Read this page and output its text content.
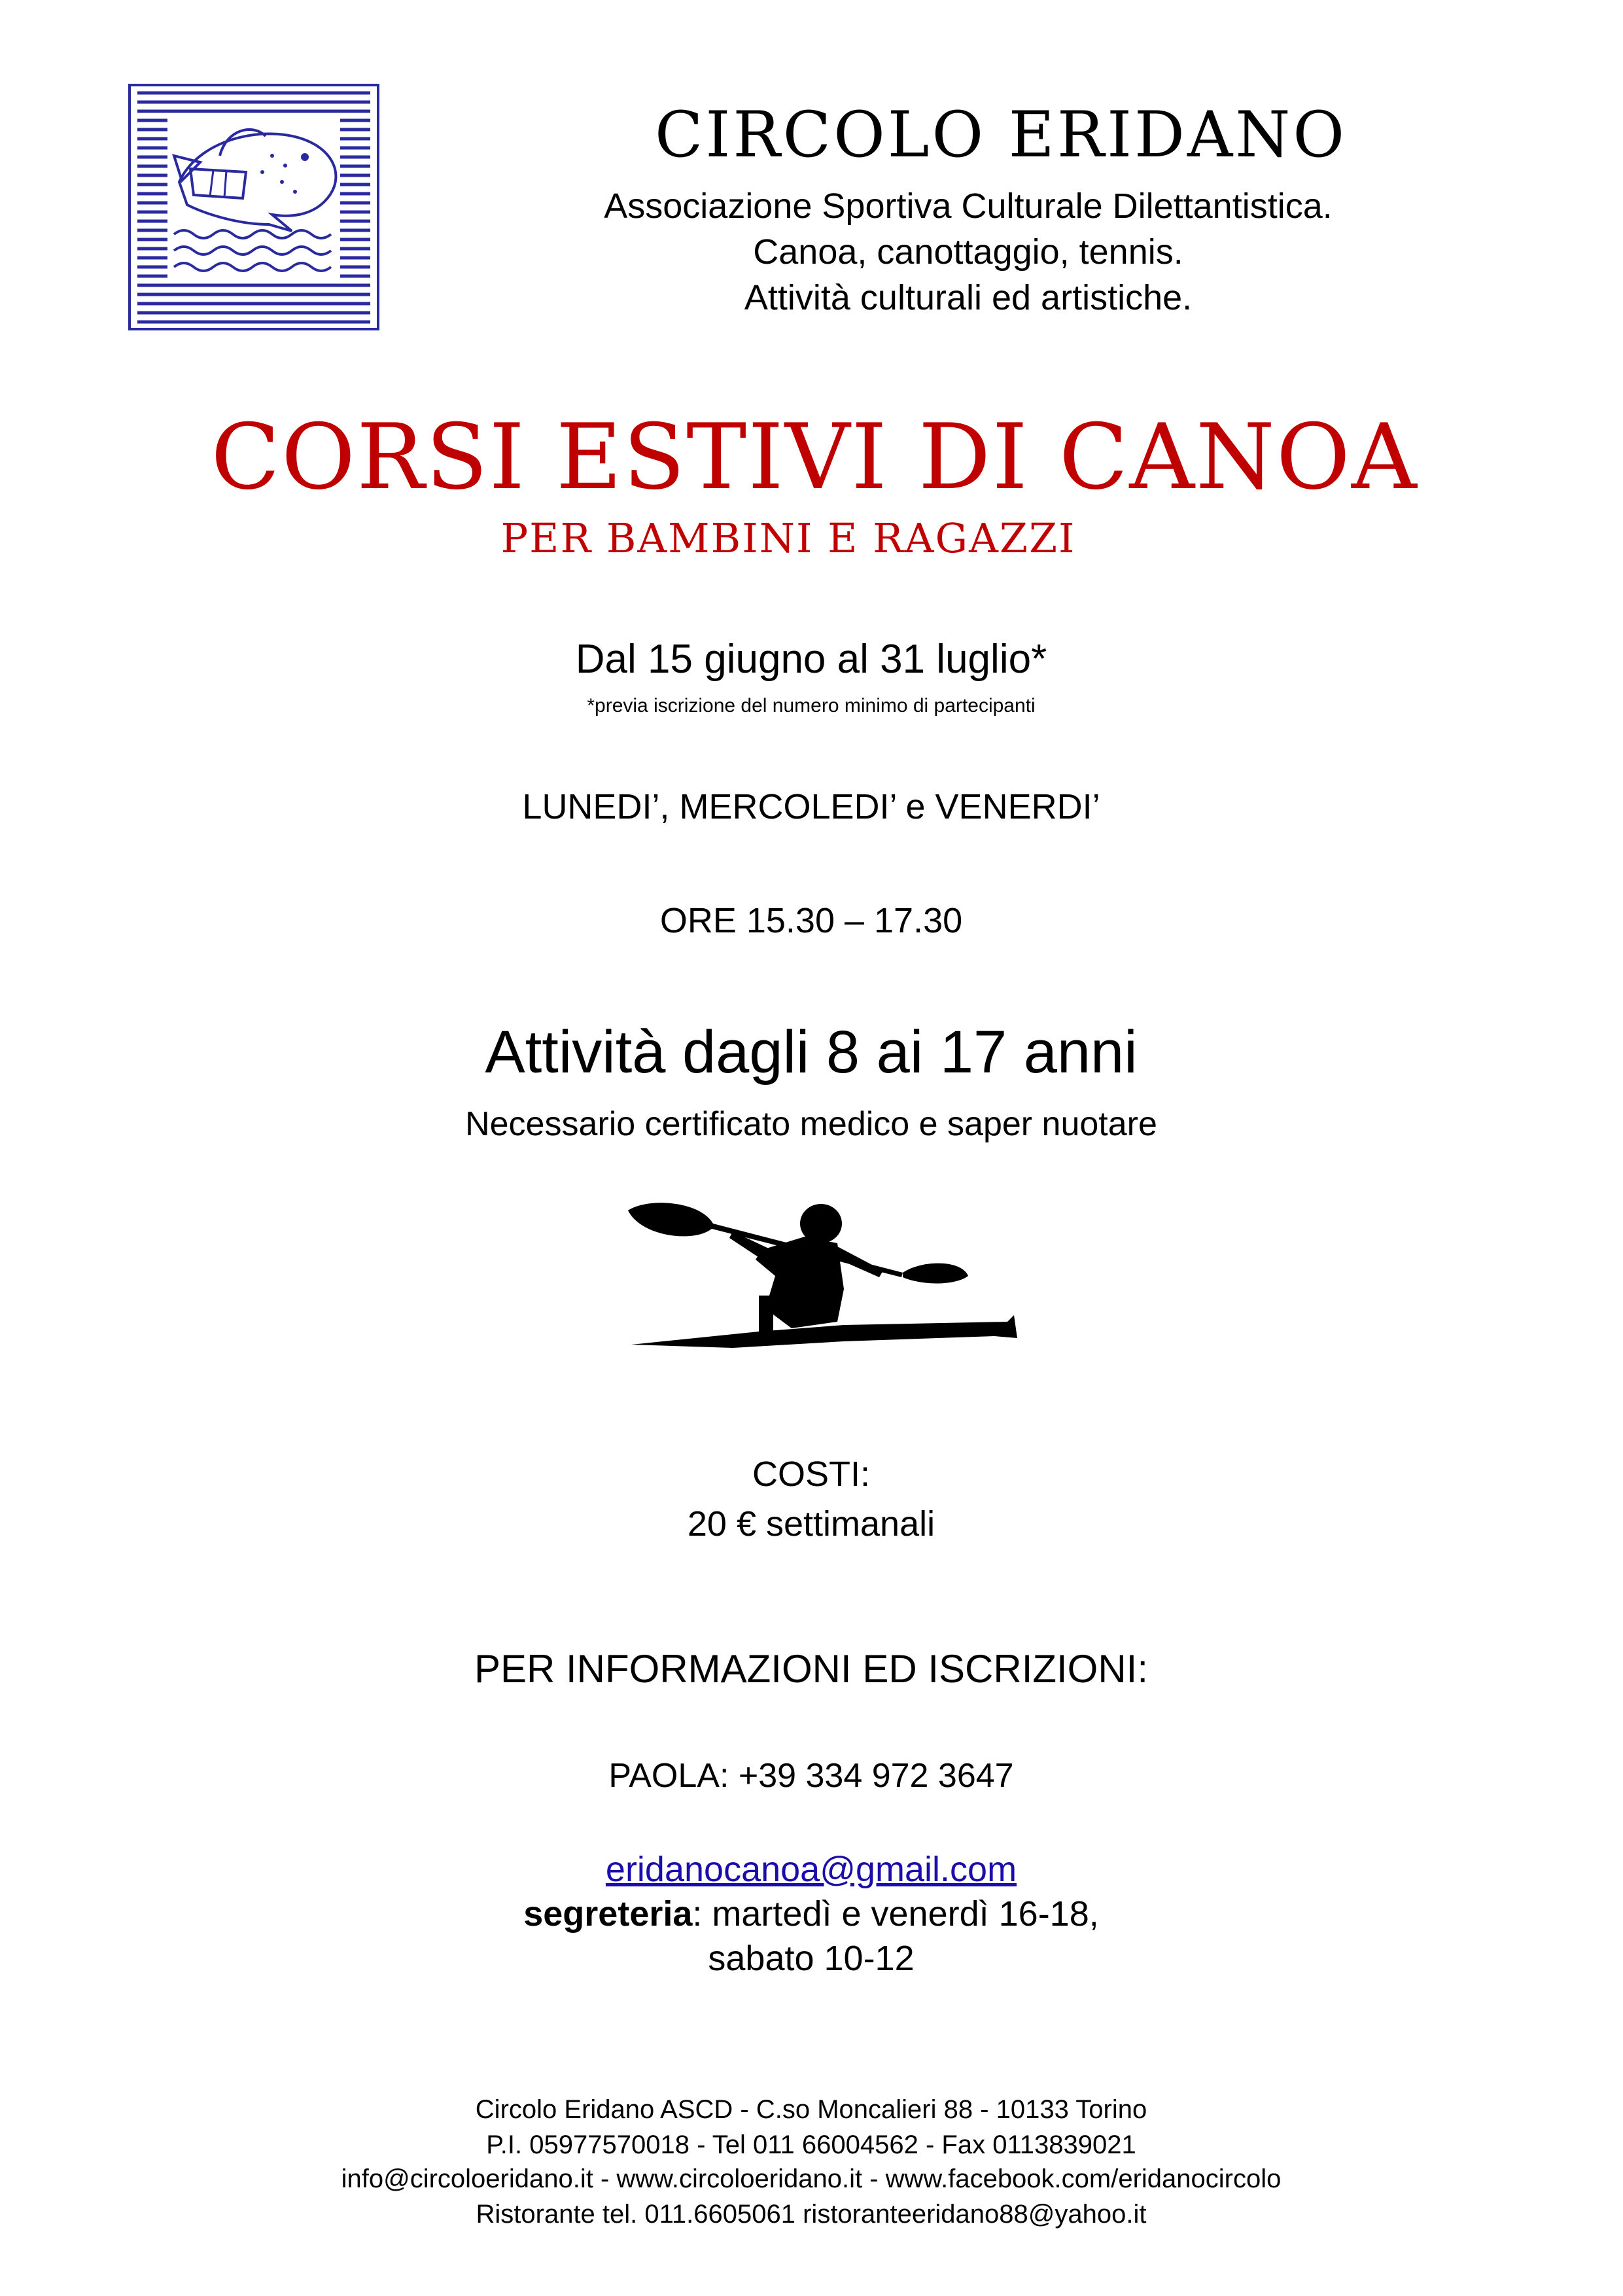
CIRCOLO ERIDANO
Associazione Sportiva Culturale Dilettantistica.
Canoa, canottaggio, tennis.
Attività culturali ed artistiche.
CORSI ESTIVI DI CANOA
PER BAMBINI E RAGAZZI
Dal 15 giugno al 31 luglio*
*previa iscrizione del numero minimo di partecipanti
LUNEDI’, MERCOLEDI’ e VENERDI’
ORE 15.30 – 17.30
Attività dagli 8 ai 17 anni
Necessario certificato medico e saper nuotare
COSTI:
20 € settimanali
PER INFORMAZIONI ED ISCRIZIONI:
PAOLA: +39 334 972 3647
eridanocanoa@gmail.com
segreteria: martedì e venerdì 16-18,
sabato 10-12
Circolo Eridano ASCD - C.so Moncalieri 88 - 10133 Torino
P.I. 05977570018 - Tel 011 66004562 - Fax 0113839021
info@circoloeridano.it - www.circoloeridano.it - www.facebook.com/eridanocircolo
Ristorante tel. 011.6605061 ristoranteeridano88@yahoo.it
